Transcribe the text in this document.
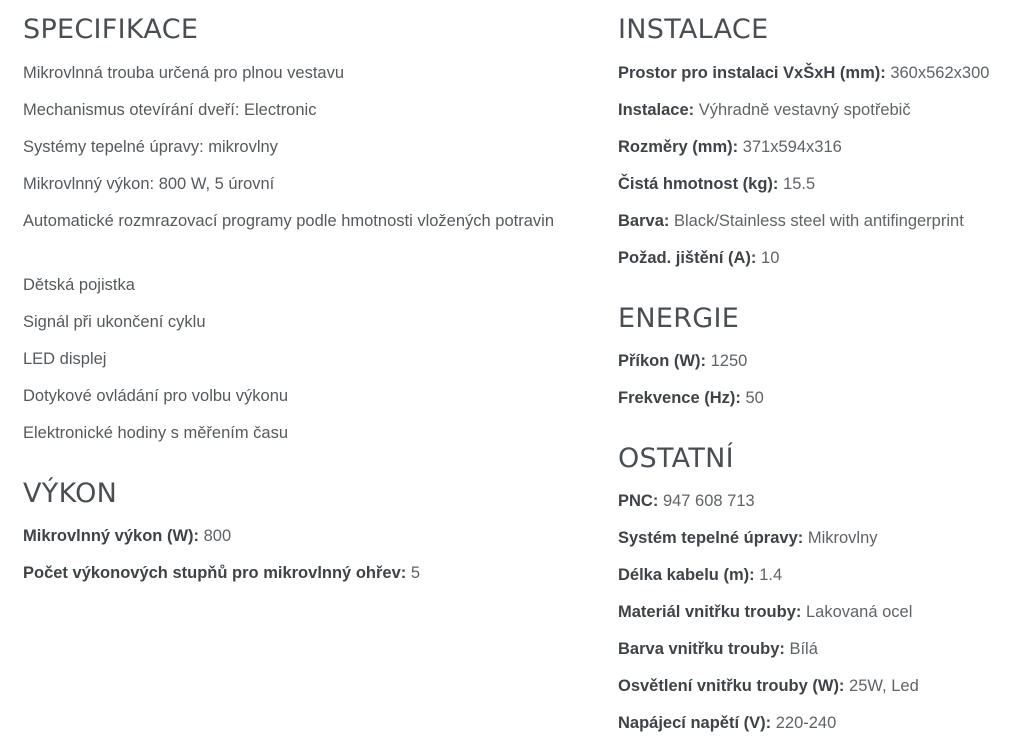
SPECIFIKACE
Mikrovlnná trouba určená pro plnou vestavu
Mechanismus otevírání dveří: Electronic
Systémy tepelné úpravy: mikrovlny
Mikrovlnný výkon: 800 W, 5 úrovní
Automatické rozmrazovací programy podle hmotnosti vložených potravin
Dětská pojistka
Signál při ukončení cyklu
LED displej
Dotykové ovládání pro volbu výkonu
Elektronické hodiny s měřením času
VÝKON
Mikrovlnný výkon (W): 800
Počet výkonových stupňů pro mikrovlnný ohřev: 5
INSTALACE
Prostor pro instalaci VxŠxH (mm): 360x562x300
Instalace: Výhradně vestavný spotřebič
Rozměry (mm): 371x594x316
Čistá hmotnost (kg): 15.5
Barva: Black/Stainless steel with antifingerprint
Požad. jištění (A): 10
ENERGIE
Příkon (W): 1250
Frekvence (Hz): 50
OSTATNÍ
PNC: 947 608 713
Systém tepelné úpravy: Mikrovlny
Délka kabelu (m): 1.4
Materiál vnitřku trouby: Lakovaná ocel
Barva vnitřku trouby: Bílá
Osvětlení vnitřku trouby (W): 25W, Led
Napájecí napětí (V): 220-240
